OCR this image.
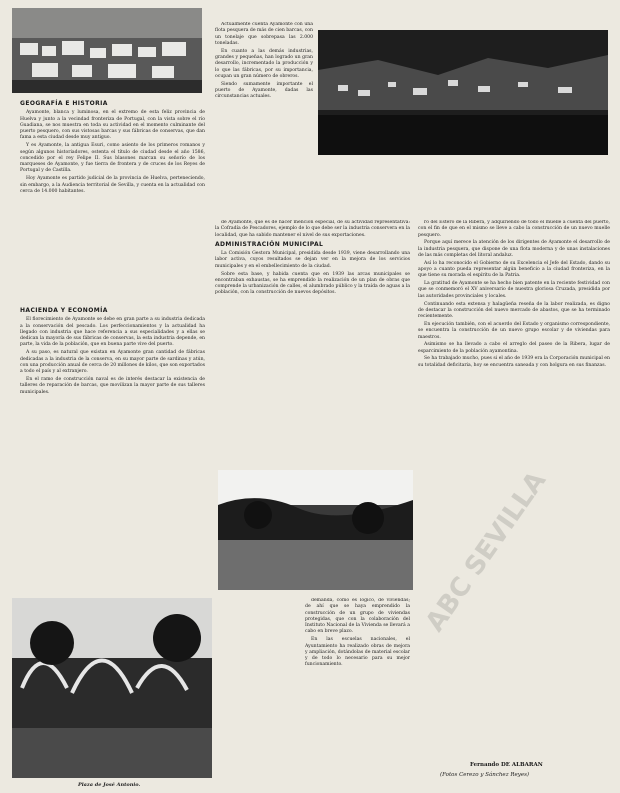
Plaza de José Antonio.
GEOGRAFÍA E HISTORIA

Ayamonte, blanca y luminosa, en el extremo de esta feliz provincia de Huelva y junto a la vecindad fronteriza de Portugal, con la vista sobre el río Guadiana, se nos muestra en toda su actividad en el momento culminante del puerto pesquero, con sus vistosas barcas y sus fábricas de conservas, que dan fama a esta ciudad desde muy antiguo.

Y es Ayamonte, la antigua Esuri, como asiento de los primeros romanos y según algunos historiadores, ostenta el título de ciudad desde el año 1586, concedido por el rey Felipe II. Sus blasones marcan su señorío de los marqueses de Ayamonte, y fue tierra de frontera y de cruces de los Reyes de Portugal y de Castilla.

Hoy Ayamonte es partido judicial de la provincia de Huelva, perteneciendo, sin embargo, a la Audiencia territorial de Sevilla, y cuenta en la actualidad con cerca de 14.000 habitantes.

HACIENDA Y ECONOMÍA

El florecimiento de Ayamonte se debe en gran parte a su industria dedicada a la conservación del pescado. Los perfeccionamientos y la actualidad ha llegado con industria que hace referencia a sus especialidades y a ellas se dedican la mayoría de sus fábricas de conservas, la esta industria depende, en parte, la vida de la población, que en buena parte vive del puerto.

A su paso, es natural que existan en Ayamonte gran cantidad de fábricas dedicadas a la industria de la conserva, en su mayor parte de sardinas y atún, con una producción anual de cerca de 20 millones de kilos, que son exportados a todo el país y al extranjero.

En el ramo de construcción naval es de interés destacar la existencia de talleres de reparación de barcas, que movilizan la mayor parte de sus talleres municipales.

Actualmente cuenta Ayamonte con una flota pesquera de más de cien barcas, con un tonelaje que sobrepasa las 2.000 toneladas.

En cuanto a las demás industrias, grandes y pequeñas, han logrado un gran desarrollo, incrementado la producción y lo que las fábricas, por su importancia, ocupan un gran número de obreros.

Siendo sumamente importante el puerto de Ayamonte, dadas las circunstancias actuales.

de Ayamonte, que es de hacer mención especial, de su actividad representativa: la Cofradía de Pescadores, ejemplo de lo que debe ser la industria conservera en la localidad, que ha sabido mantener el nivel de sus exportaciones.

ADMINISTRACIÓN MUNICIPAL

La Comisión Gestora Municipal, presidida desde 1939, viene desarrollando una labor activa, cuyos resultados se dejan ver en la mejora de los servicios municipales y en el embellecimiento de la ciudad.

Sobre esta base, y habida cuenta que en 1939 las arcas municipales se encontraban exhaustas, se ha emprendido la realización de un plan de obras que comprende la urbanización de calles, el alumbrado público y la traída de aguas a la población, con la construcción de nuevos depósitos.

demanda, como es lógico, de viviendas; de ahí que se haya emprendido la construcción de un grupo de viviendas protegidas, que con la colaboración del Instituto Nacional de la Vivienda se llevará a cabo en breve plazo.

En las escuelas nacionales, el Ayuntamiento ha realizado obras de mejora y ampliación, dotándolas de material escolar y de todo lo necesario para su mejor funcionamiento.

ro del Estero de la Ribera, y adquiriendo de todo el muelle a cuenta del puerto, con el fin de que en el mismo se lleve a cabo la construcción de un nuevo muelle pesquero.

Porque aquí merece la atención de los dirigentes de Ayamonte el desarrollo de la industria pesquera, que dispone de una flota moderna y de unas instalaciones de las más completas del litoral andaluz.

Así lo ha reconocido el Gobierno de su Excelencia el Jefe del Estado, dando su apoyo a cuanto pueda representar algún beneficio a la ciudad fronteriza, en la que tiene su morada el espíritu de la Patria.

La gratitud de Ayamonte se ha hecho bien patente en la reciente festividad con que se conmemoró el XV aniversario de nuestra gloriosa Cruzada, presidida por las autoridades provinciales y locales.

Continuando esta extensa y halagüeña reseña de la labor realizada, es digno de destacar la construcción del nuevo mercado de abastos, que se ha terminado recientemente.

En ejecución también, con el acuerdo del Estado y organismo correspondiente, se encuentra la construcción de un nuevo grupo escolar y de viviendas para maestros.

Asimismo se ha llevado a cabo el arreglo del paseo de la Ribera, lugar de esparcimiento de la población ayamontina.

Se ha trabajado mucho, pues si el año de 1939 era la Corporación municipal en su totalidad deficitaria, hoy se encuentra saneada y con holgura en sus finanzas.

Fernando DE ALBARAN
(Fotos Cerezo y Sánchez Reyes)
ABC SEVILLA
